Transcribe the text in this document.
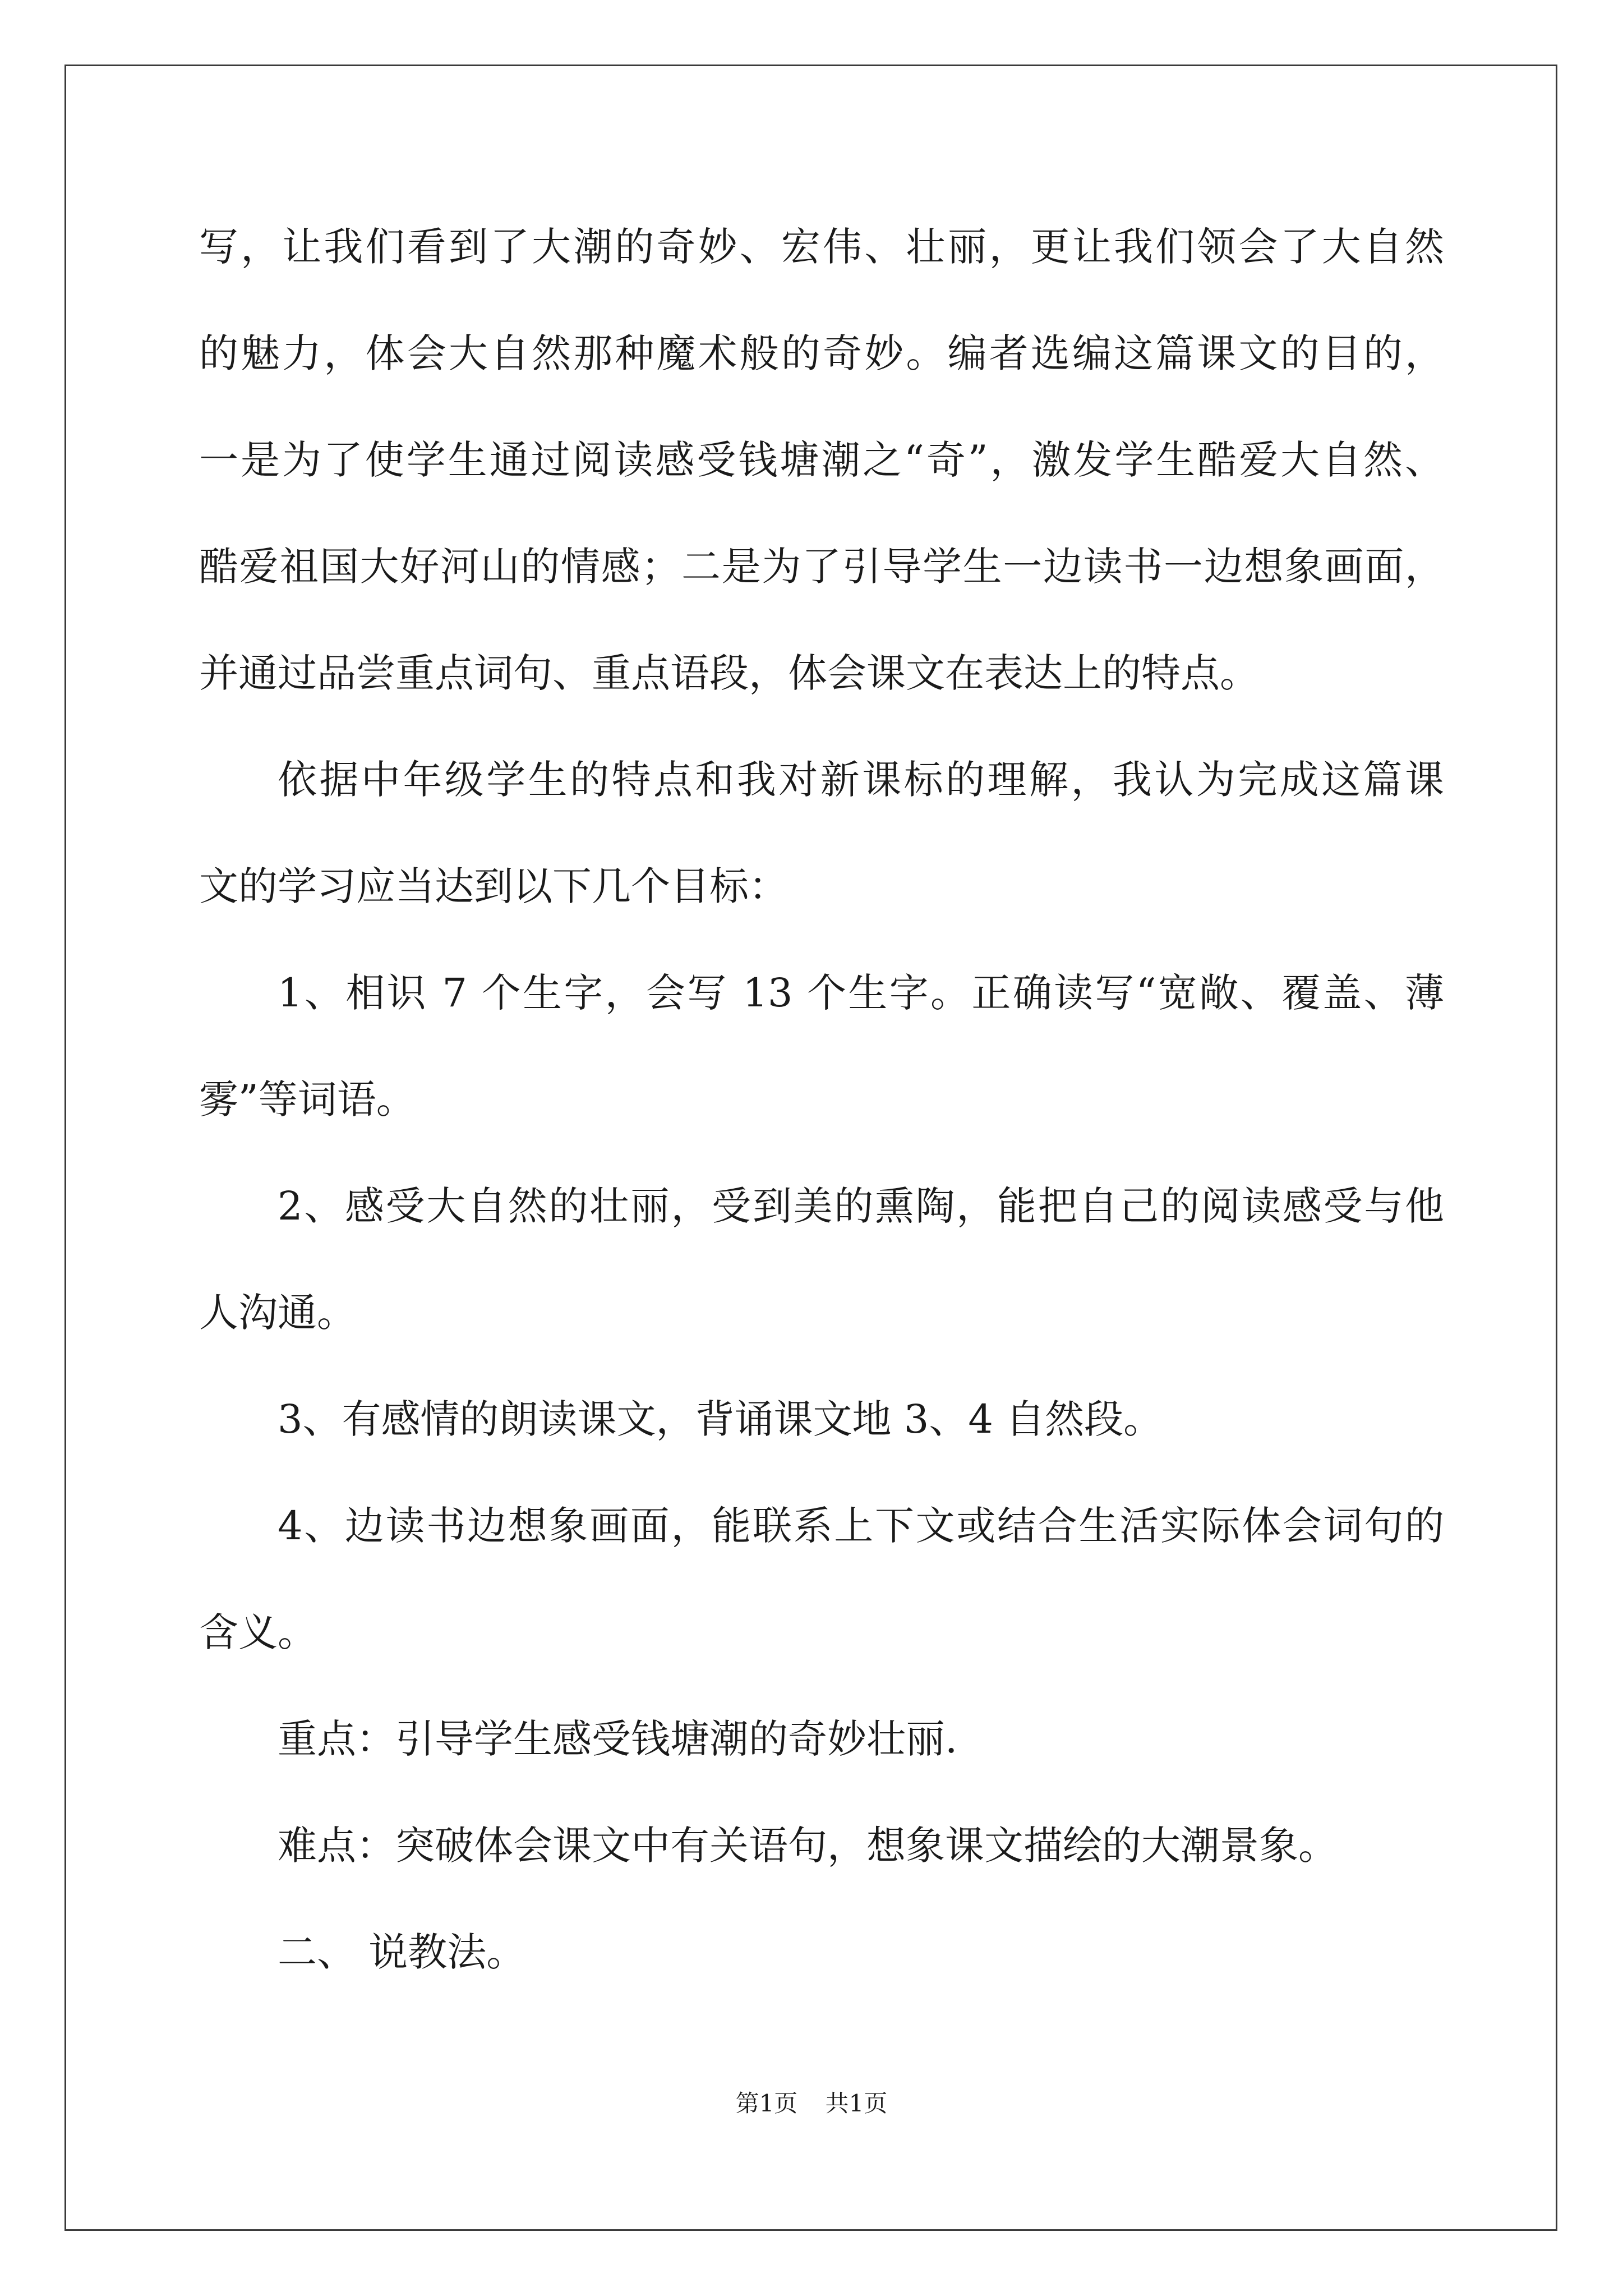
写，让我们看到了大潮的奇妙、宏伟、壮丽，更让我们领会了大自然
的魅力，体会大自然那种魔术般的奇妙。编者选编这篇课文的目的，
一是为了使学生通过阅读感受钱塘潮之“奇”，激发学生酷爱大自然、
酷爱祖国大好河山的情感；二是为了引导学生一边读书一边想象画面，
并通过品尝重点词句、重点语段，体会课文在表达上的特点。
依据中年级学生的特点和我对新课标的理解，我认为完成这篇课
文的学习应当达到以下几个目标：
1、相识 7 个生字，会写 13 个生字。正确读写“宽敞、覆盖、薄
雾”等词语。
2、感受大自然的壮丽，受到美的熏陶，能把自己的阅读感受与他
人沟通。
3、有感情的朗读课文，背诵课文地 3、4 自然段。
4、边读书边想象画面，能联系上下文或结合生活实际体会词句的
含义。
重点：引导学生感受钱塘潮的奇妙壮丽.
难点：突破体会课文中有关语句，想象课文描绘的大潮景象。
二、 说教法。
第1页 共1页
